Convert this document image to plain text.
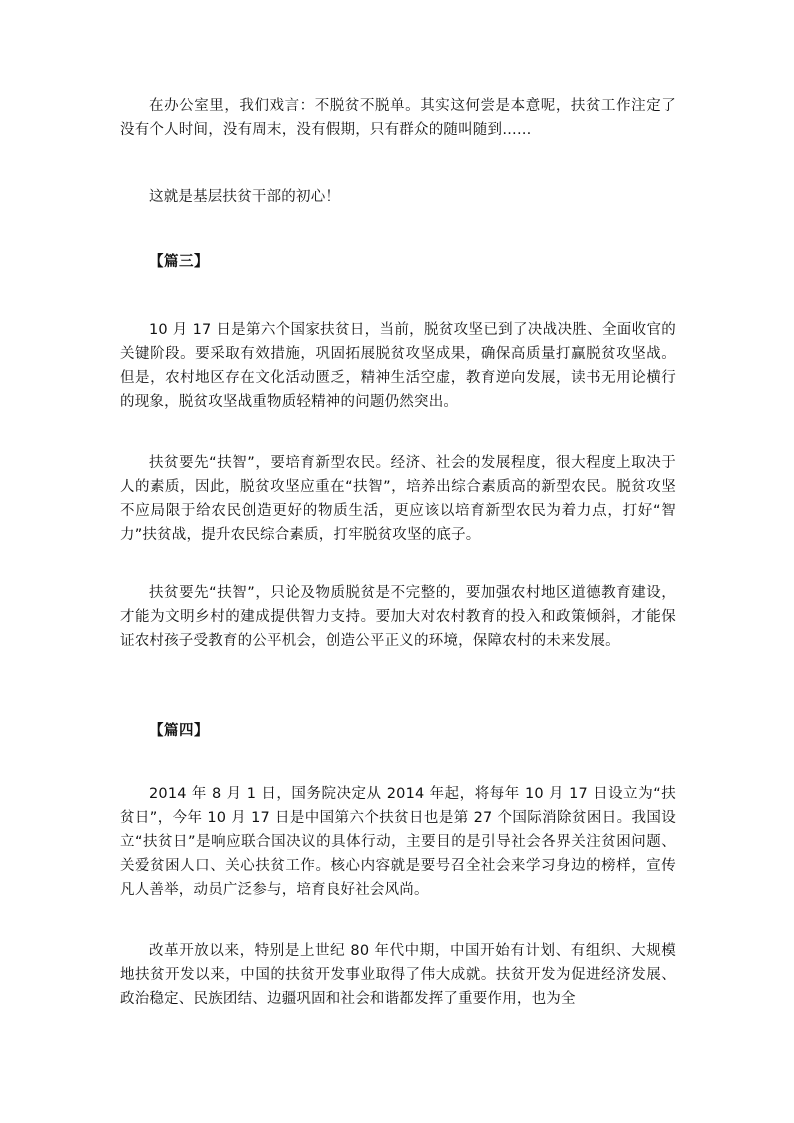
在办公室里，我们戏言：不脱贫不脱单。其实这何尝是本意呢，扶贫工作注定了没有个人时间，没有周末，没有假期，只有群众的随叫随到……

这就是基层扶贫干部的初心！

【篇三】

10 月 17 日是第六个国家扶贫日，当前，脱贫攻坚已到了决战决胜、全面收官的关键阶段。要采取有效措施，巩固拓展脱贫攻坚成果，确保高质量打赢脱贫攻坚战。但是，农村地区存在文化活动匮乏，精神生活空虚，教育逆向发展，读书无用论横行的现象，脱贫攻坚战重物质轻精神的问题仍然突出。

扶贫要先“扶智”，要培育新型农民。经济、社会的发展程度，很大程度上取决于人的素质，因此，脱贫攻坚应重在“扶智”，培养出综合素质高的新型农民。脱贫攻坚不应局限于给农民创造更好的物质生活，更应该以培育新型农民为着力点，打好“智力”扶贫战，提升农民综合素质，打牢脱贫攻坚的底子。

扶贫要先“扶智”，只论及物质脱贫是不完整的，要加强农村地区道德教育建设，才能为文明乡村的建成提供智力支持。要加大对农村教育的投入和政策倾斜，才能保证农村孩子受教育的公平机会，创造公平正义的环境，保障农村的未来发展。

【篇四】

2014 年 8 月 1 日，国务院决定从 2014 年起，将每年 10 月 17 日设立为“扶贫日”，今年 10 月 17 日是中国第六个扶贫日也是第 27 个国际消除贫困日。我国设立“扶贫日”是响应联合国决议的具体行动，主要目的是引导社会各界关注贫困问题、关爱贫困人口、关心扶贫工作。核心内容就是要号召全社会来学习身边的榜样，宣传凡人善举，动员广泛参与，培育良好社会风尚。

改革开放以来，特别是上世纪 80 年代中期，中国开始有计划、有组织、大规模地扶贫开发以来，中国的扶贫开发事业取得了伟大成就。扶贫开发为促进经济发展、政治稳定、民族团结、边疆巩固和社会和谐都发挥了重要作用，也为全
